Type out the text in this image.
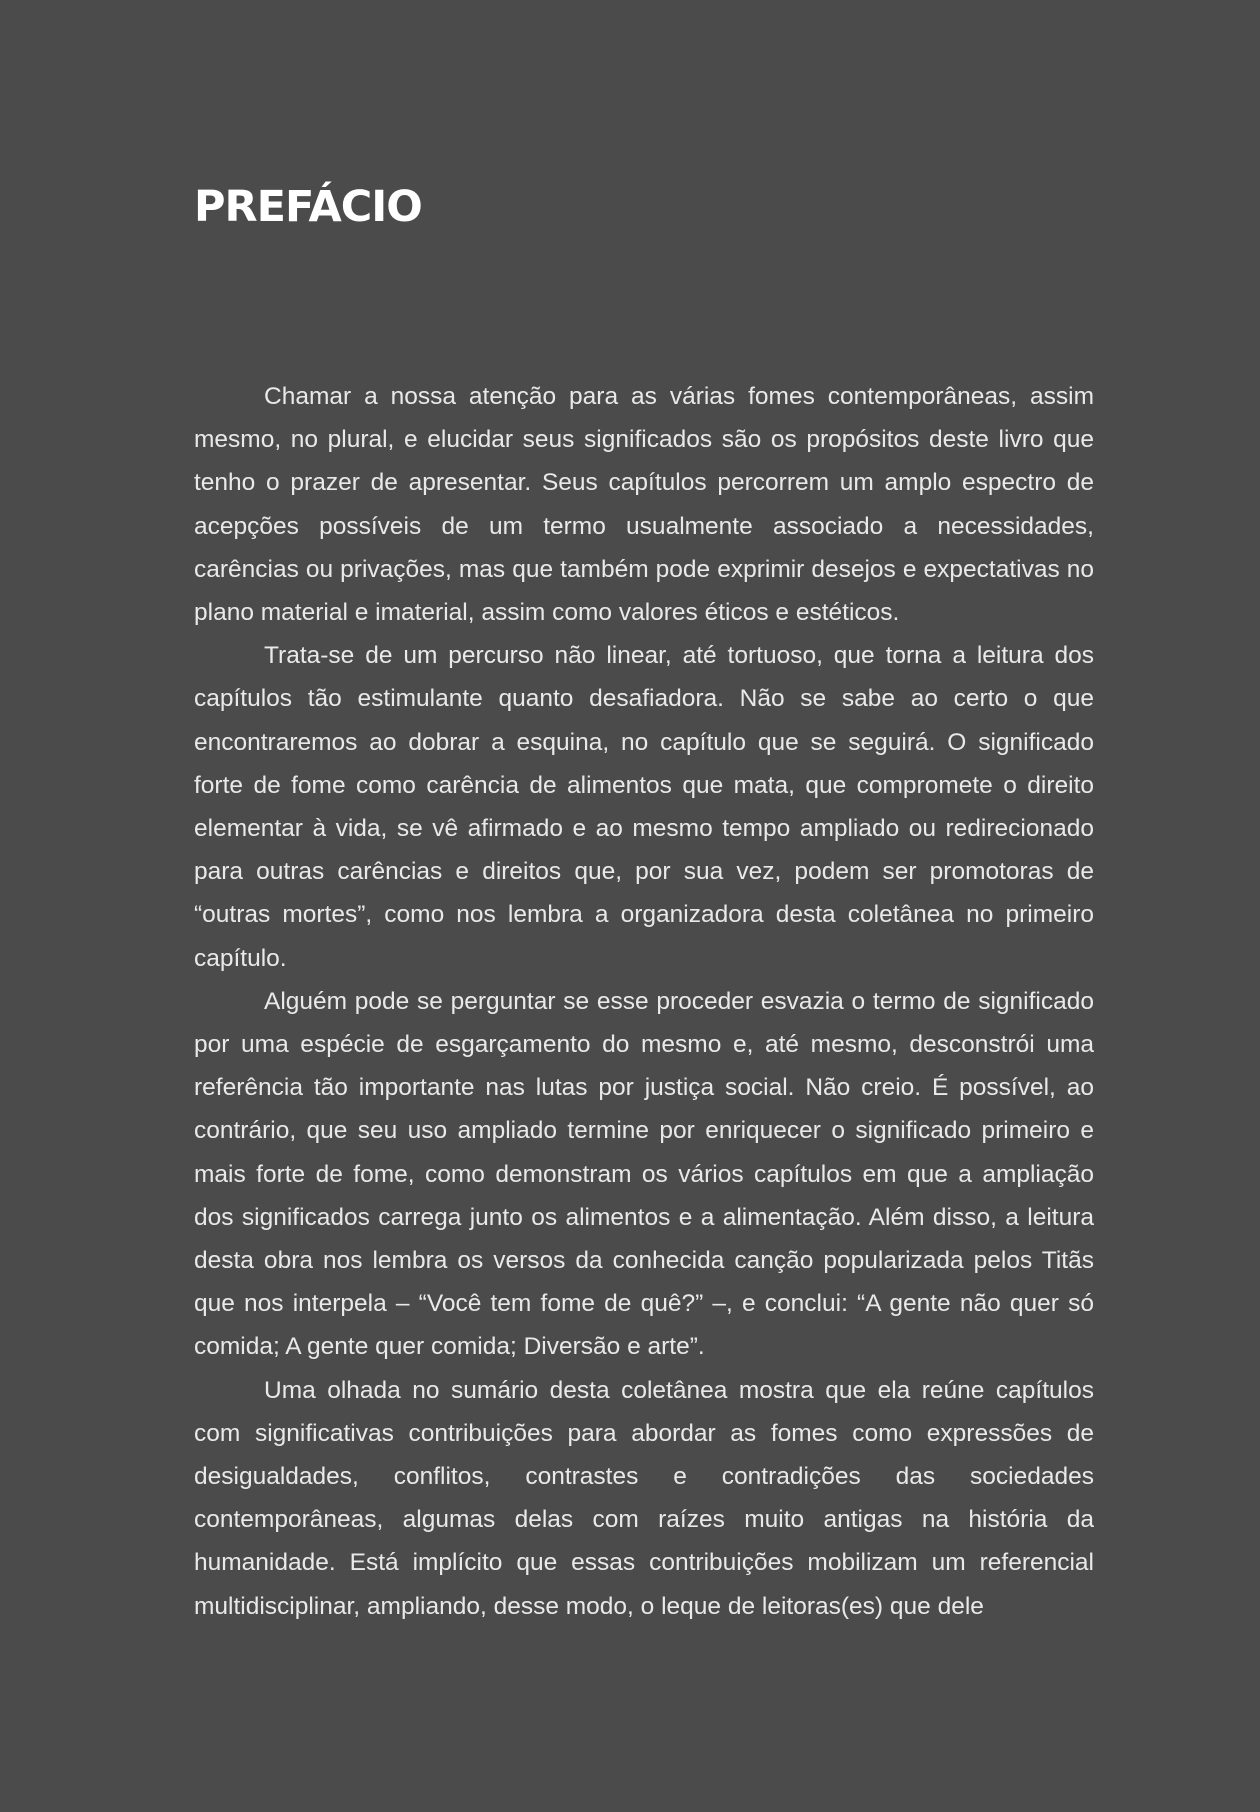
PREFÁCIO

Chamar a nossa atenção para as várias fomes contemporâneas, assim mesmo, no plural, e elucidar seus significados são os propósitos deste livro que tenho o prazer de apresentar. Seus capítulos percorrem um amplo espectro de acepções possíveis de um termo usualmente associado a necessidades, carências ou privações, mas que também pode exprimir desejos e expectativas no plano material e imaterial, assim como valores éticos e estéticos.

Trata-se de um percurso não linear, até tortuoso, que torna a leitura dos capítulos tão estimulante quanto desafiadora. Não se sabe ao certo o que encontraremos ao dobrar a esquina, no capítulo que se seguirá. O significado forte de fome como carência de alimentos que mata, que compromete o direito elementar à vida, se vê afirmado e ao mesmo tempo ampliado ou redirecionado para outras carências e direitos que, por sua vez, podem ser promotoras de “outras mortes”, como nos lembra a organizadora desta coletânea no primeiro capítulo.

Alguém pode se perguntar se esse proceder esvazia o termo de significado por uma espécie de esgarçamento do mesmo e, até mesmo, desconstrói uma referência tão importante nas lutas por justiça social. Não creio. É possível, ao contrário, que seu uso ampliado termine por enriquecer o significado primeiro e mais forte de fome, como demonstram os vários capítulos em que a ampliação dos significados carrega junto os alimentos e a alimentação. Além disso, a leitura desta obra nos lembra os versos da conhecida canção popularizada pelos Titãs que nos interpela – “Você tem fome de quê?” –, e conclui: “A gente não quer só comida; A gente quer comida; Diversão e arte”.

Uma olhada no sumário desta coletânea mostra que ela reúne capítulos com significativas contribuições para abordar as fomes como expressões de desigualdades, conflitos, contrastes e contradições das sociedades contemporâneas, algumas delas com raízes muito antigas na história da humanidade. Está implícito que essas contribuições mobilizam um referencial multidisciplinar, ampliando, desse modo, o leque de leitoras(es) que dele
